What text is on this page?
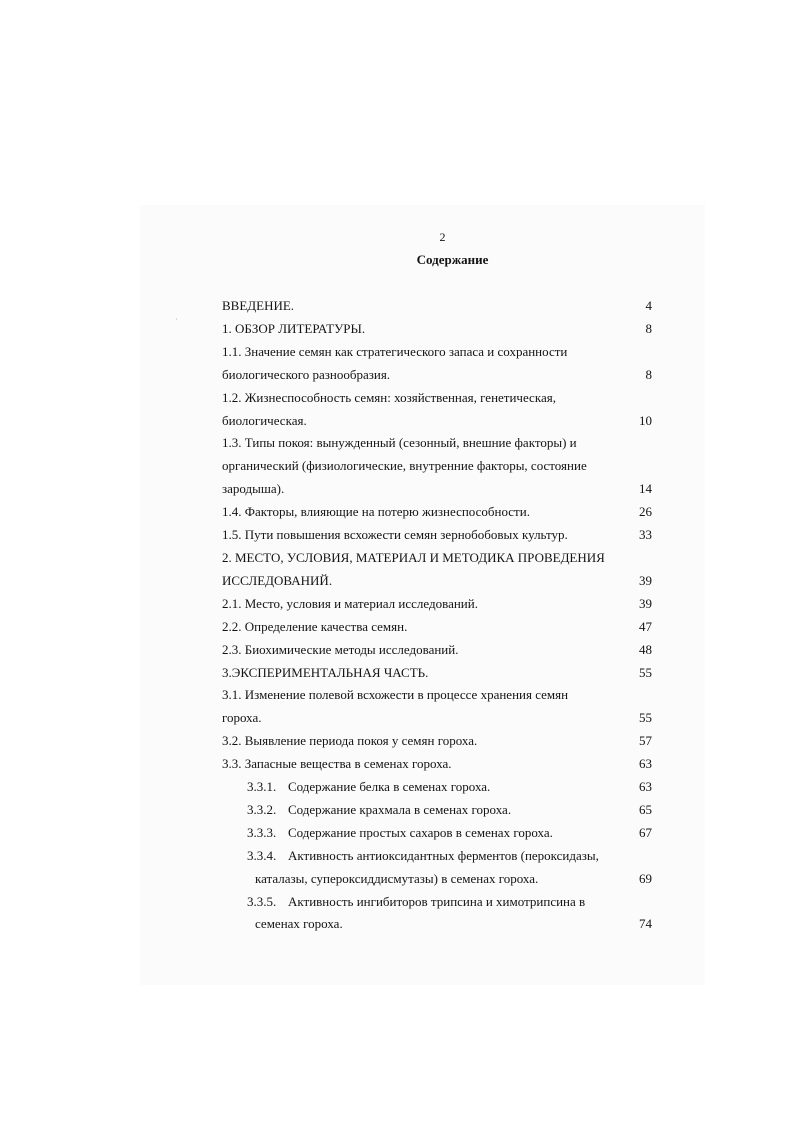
2
Содержание
ВВЕДЕНИЕ.	4
1. ОБЗОР ЛИТЕРАТУРЫ.	8
1.1. Значение семян как стратегического запаса и сохранности
биологического разнообразия.	8
1.2. Жизнеспособность семян: хозяйственная, генетическая,
биологическая.	10
1.3. Типы покоя: вынужденный (сезонный, внешние факторы) и
органический (физиологические, внутренние факторы, состояние
зародыша).	14
1.4. Факторы, влияющие на потерю жизнеспособности.	26
1.5. Пути повышения всхожести семян зернобобовых культур.	33
2. МЕСТО, УСЛОВИЯ, МАТЕРИАЛ И МЕТОДИКА ПРОВЕДЕНИЯ
ИССЛЕДОВАНИЙ.	39
2.1. Место, условия и материал исследований.	39
2.2. Определение качества семян.	47
2.3. Биохимические методы исследований.	48
3.ЭКСПЕРИМЕНТАЛЬНАЯ ЧАСТЬ.	55
3.1. Изменение полевой всхожести в процессе хранения семян
гороха.	55
3.2. Выявление периода покоя у семян гороха.	57
3.3. Запасные вещества в семенах гороха.	63
3.3.1. Содержание белка в семенах гороха.	63
3.3.2. Содержание крахмала в семенах гороха.	65
3.3.3. Содержание простых сахаров в семенах гороха.	67
3.3.4. Активность антиоксидантных ферментов (пероксидазы,
каталазы, супероксиддисмутазы) в семенах гороха.	69
3.3.5. Активность ингибиторов трипсина и химотрипсина в
семенах гороха.	74
